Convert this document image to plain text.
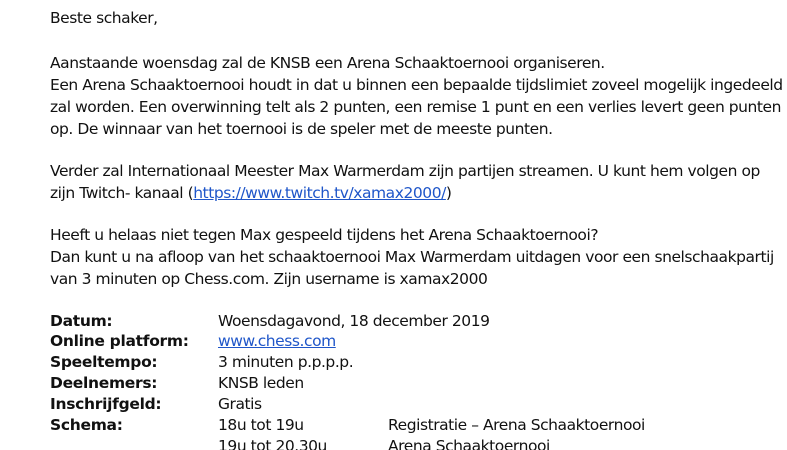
Beste schaker,
Aanstaande woensdag zal de KNSB een Arena Schaaktoernooi organiseren.
Een Arena Schaaktoernooi houdt in dat u binnen een bepaalde tijdslimiet zoveel mogelijk ingedeeld
zal worden. Een overwinning telt als 2 punten, een remise 1 punt en een verlies levert geen punten
op. De winnaar van het toernooi is de speler met de meeste punten.
Verder zal Internationaal Meester Max Warmerdam zijn partijen streamen. U kunt hem volgen op
zijn Twitch- kanaal (https://www.twitch.tv/xamax2000/)
Heeft u helaas niet tegen Max gespeeld tijdens het Arena Schaaktoernooi?
Dan kunt u na afloop van het schaaktoernooi Max Warmerdam uitdagen voor een snelschaakpartij
van 3 minuten op Chess.com. Zijn username is xamax2000
Datum:	Woensdagavond, 18 december 2019
Online platform: www.chess.com
Speeltempo:	3 minuten p.p.p.p.
Deelnemers:	KNSB leden
Inschrijfgeld:	Gratis
Schema:	18u tot 19u	Registratie – Arena Schaaktoernooi
19u tot 20.30u	Arena Schaaktoernooi
